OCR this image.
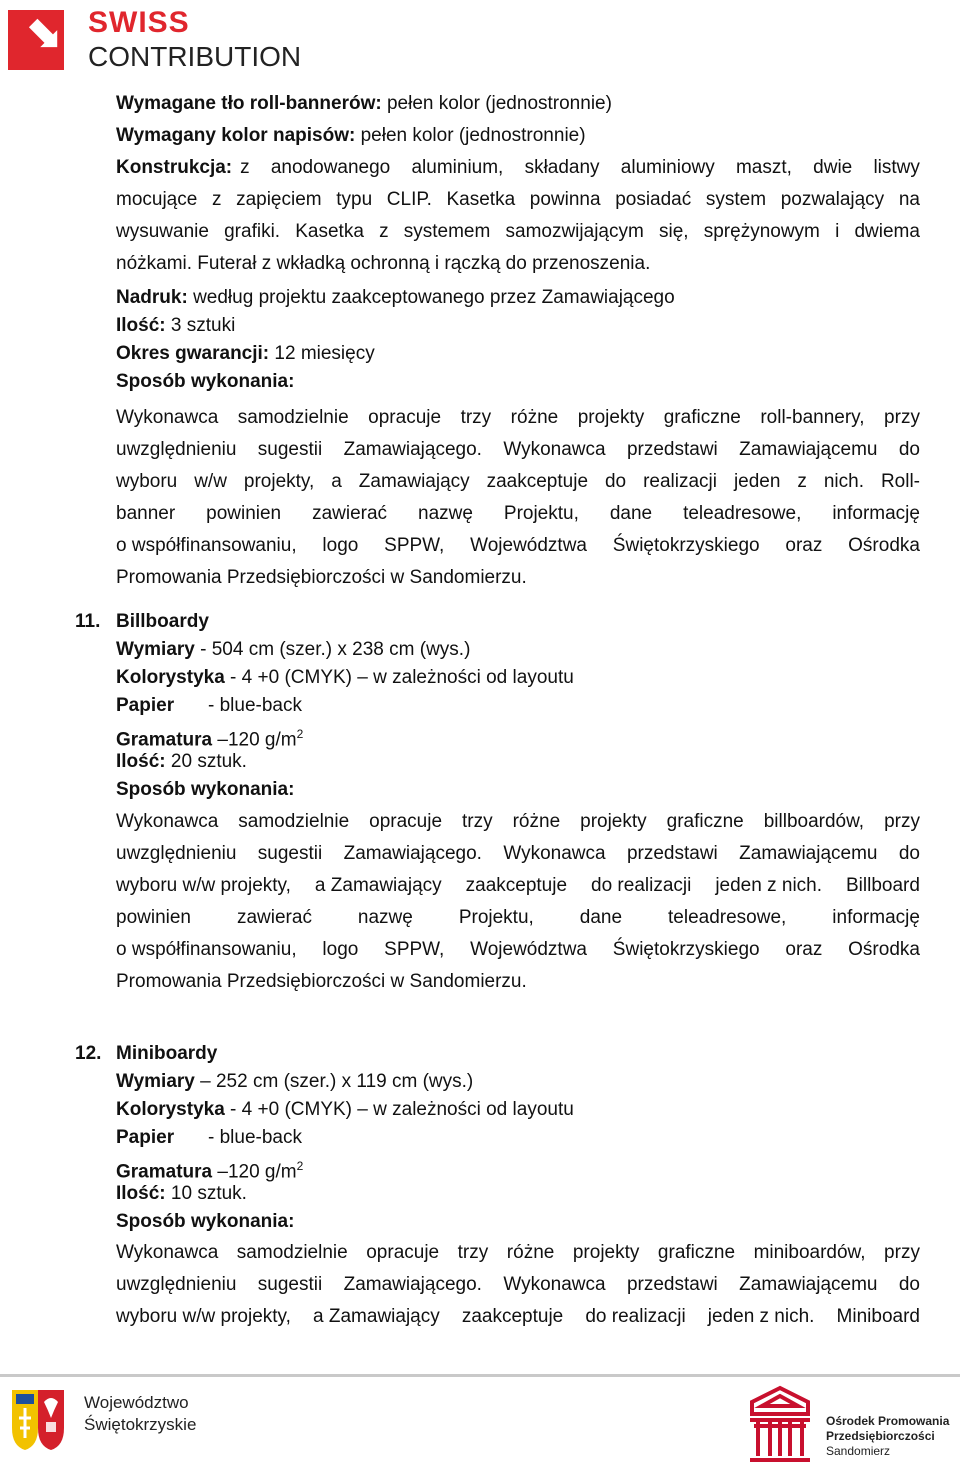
SWISS
CONTRIBUTION
Wymagane tło roll-bannerów: pełen kolor (jednostronnie)
Wymagany kolor napisów: pełen kolor (jednostronnie)
Konstrukcja: z anodowanego aluminium, składany aluminiowy maszt, dwie listwy
mocujące z zapięciem typu CLIP. Kasetka powinna posiadać system pozwalający na
wysuwanie grafiki. Kasetka z systemem samozwijającym się, sprężynowym i dwiema
nóżkami. Futerał z wkładką ochronną i rączką do przenoszenia.
Nadruk: według projektu zaakceptowanego przez Zamawiającego
Ilość: 3 sztuki
Okres gwarancji: 12 miesięcy
Sposób wykonania:
Wykonawca samodzielnie opracuje trzy różne projekty graficzne roll-bannery, przy
uwzględnieniu sugestii Zamawiającego. Wykonawca przedstawi Zamawiającemu do
wyboru w/w projekty, a Zamawiający zaakceptuje do realizacji jeden z nich. Roll-
banner powinien zawierać nazwę Projektu, dane teleadresowe, informację
o współfinansowaniu, logo SPPW, Województwa Świętokrzyskiego oraz Ośrodka
Promowania Przedsiębiorczości w Sandomierzu.
11. Billboardy
Wymiary - 504 cm (szer.) x 238 cm (wys.)
Kolorystyka - 4 +0 (CMYK) – w zależności od layoutu
Papier - blue-back
Gramatura –120 $g/m^2$
Ilość: 20 sztuk.
Sposób wykonania:
Wykonawca samodzielnie opracuje trzy różne projekty graficzne billboardów, przy
uwzględnieniu sugestii Zamawiającego. Wykonawca przedstawi Zamawiającemu do
wyboru w/w projekty, a Zamawiający zaakceptuje do realizacji jeden z nich. Billboard
powinien zawierać nazwę Projektu, dane teleadresowe, informację
o współfinansowaniu, logo SPPW, Województwa Świętokrzyskiego oraz Ośrodka
Promowania Przedsiębiorczości w Sandomierzu.
12. Miniboardy
Wymiary – 252 cm (szer.) x 119 cm (wys.)
Kolorystyka - 4 +0 (CMYK) – w zależności od layoutu
Papier - blue-back
Gramatura –120 $g/m^2$
Ilość: 10 sztuk.
Sposób wykonania:
Wykonawca samodzielnie opracuje trzy różne projekty graficzne miniboardów, przy
uwzględnieniu sugestii Zamawiającego. Wykonawca przedstawi Zamawiającemu do
wyboru w/w projekty, a Zamawiający zaakceptuje do realizacji jeden z nich. Miniboard
Województwo
Świętokrzyskie	Ośrodek Promowania
Przedsiębiorczości
Sandomierz
